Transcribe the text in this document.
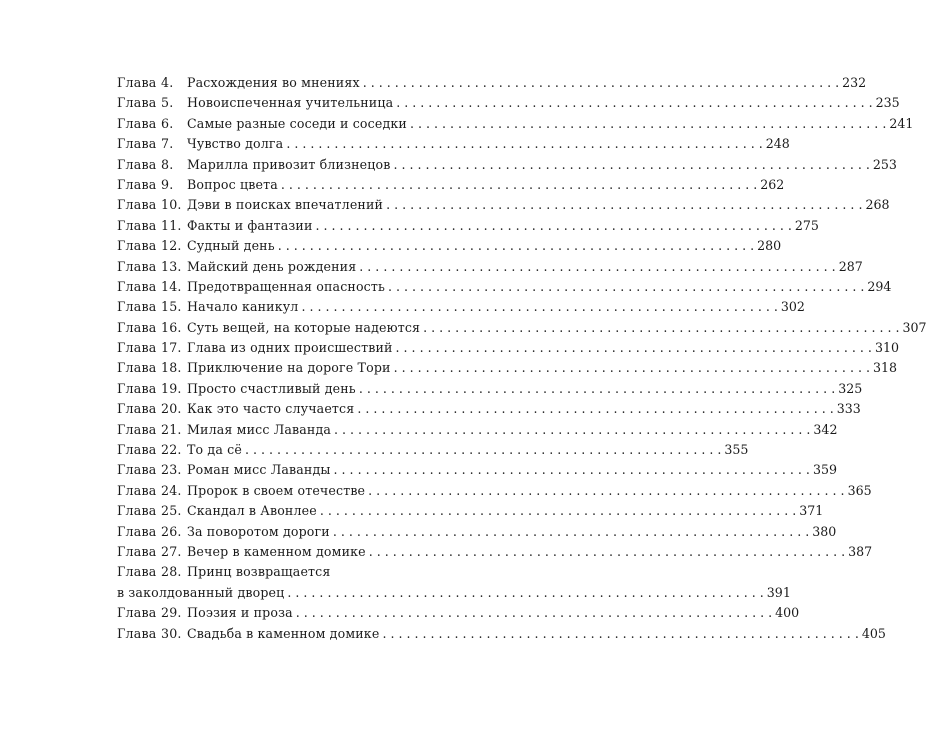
Глава 4.	Расхождения во мнениях . . .	232
Глава 5.	Новоиспеченная учительница . . .	235
Глава 6.	Самые разные соседи и соседки . . .	241
Глава 7.	Чувство долга . . .	248
Глава 8.	Марилла привозит близнецов . . .	253
Глава 9.	Вопрос цвета . . .	262
Глава 10. Дэви в поисках впечатлений . . .	268
Глава 11. Факты и фантазии . . .	275
Глава 12. Судный день . . .	280
Глава 13. Майский день рождения . . .	287
Глава 14. Предотвращенная опасность . . .	294
Глава 15. Начало каникул . . .	302
Глава 16. Суть вещей, на которые надеются . . .	307
Глава 17. Глава из одних происшествий . . .	310
Глава 18. Приключение на дороге Тори . . .	318
Глава 19. Просто счастливый день . . .	325
Глава 20. Как это часто случается . . .	333
Глава 21. Милая мисс Лаванда . . .	342
Глава 22. То да сё . . .	355
Глава 23. Роман мисс Лаванды . . .	359
Глава 24. Пророк в своем отечестве . . .	365
Глава 25. Скандал в Авонлее . . .	371
Глава 26. За поворотом дороги . . .	380
Глава 27. Вечер в каменном домике . . .	387
Глава 28. Принц возвращается
в заколдованный дворец . . .	391
Глава 29. Поэзия и проза . . .	400
Глава 30. Свадьба в каменном домике . . .	405
